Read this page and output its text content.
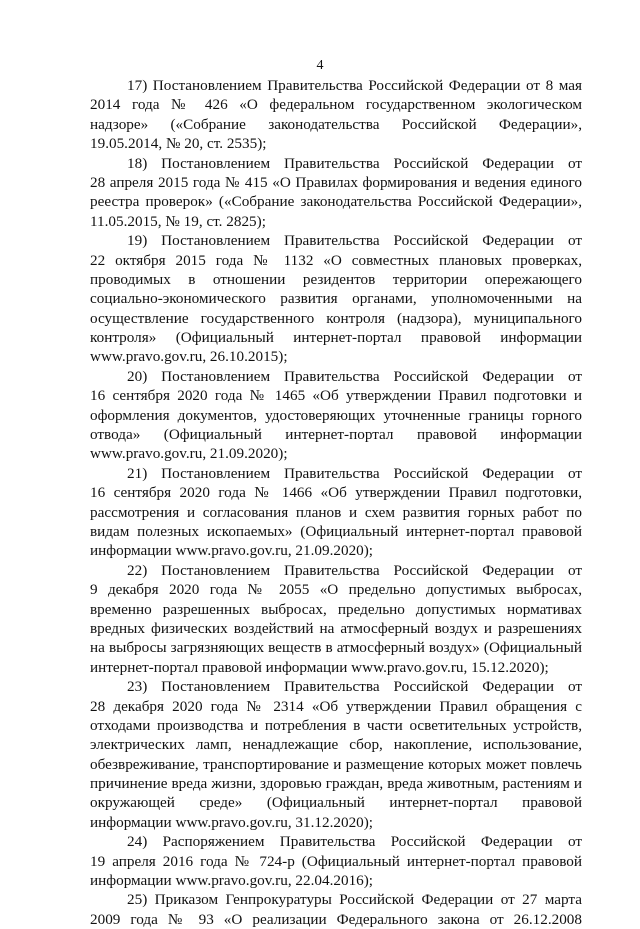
4
17) Постановлением Правительства Российской Федерации от 8 мая
2014 года № 426 «О федеральном государственном экологическом
надзоре» («Собрание законодательства Российской Федерации»,
19.05.2014, № 20, ст. 2535);
18) Постановлением Правительства Российской Федерации от
28 апреля 2015 года № 415 «О Правилах формирования и ведения единого
реестра проверок» («Собрание законодательства Российской Федерации»,
11.05.2015, № 19, ст. 2825);
19) Постановлением Правительства Российской Федерации от
22 октября 2015 года № 1132 «О совместных плановых проверках,
проводимых в отношении резидентов территории опережающего
социально-экономического развития органами, уполномоченными на
осуществление государственного контроля (надзора), муниципального
контроля» (Официальный интернет-портал правовой информации
www.pravo.gov.ru, 26.10.2015);
20) Постановлением Правительства Российской Федерации от
16 сентября 2020 года № 1465 «Об утверждении Правил подготовки и
оформления документов, удостоверяющих уточненные границы горного
отвода» (Официальный интернет-портал правовой информации
www.pravo.gov.ru, 21.09.2020);
21) Постановлением Правительства Российской Федерации от
16 сентября 2020 года № 1466 «Об утверждении Правил подготовки,
рассмотрения и согласования планов и схем развития горных работ по
видам полезных ископаемых» (Официальный интернет-портал правовой
информации www.pravo.gov.ru, 21.09.2020);
22) Постановлением Правительства Российской Федерации от
9 декабря 2020 года № 2055 «О предельно допустимых выбросах,
временно разрешенных выбросах, предельно допустимых нормативах
вредных физических воздействий на атмосферный воздух и разрешениях
на выбросы загрязняющих веществ в атмосферный воздух» (Официальный
интернет-портал правовой информации www.pravo.gov.ru, 15.12.2020);
23) Постановлением Правительства Российской Федерации от
28 декабря 2020 года № 2314 «Об утверждении Правил обращения с
отходами производства и потребления в части осветительных устройств,
электрических ламп, ненадлежащие сбор, накопление, использование,
обезвреживание, транспортирование и размещение которых может повлечь
причинение вреда жизни, здоровью граждан, вреда животным, растениям и
окружающей среде» (Официальный интернет-портал правовой
информации www.pravo.gov.ru, 31.12.2020);
24) Распоряжением Правительства Российской Федерации от
19 апреля 2016 года № 724-р (Официальный интернет-портал правовой
информации www.pravo.gov.ru, 22.04.2016);
25) Приказом Генпрокуратуры Российской Федерации от 27 марта
2009 года № 93 «О реализации Федерального закона от 26.12.2008
